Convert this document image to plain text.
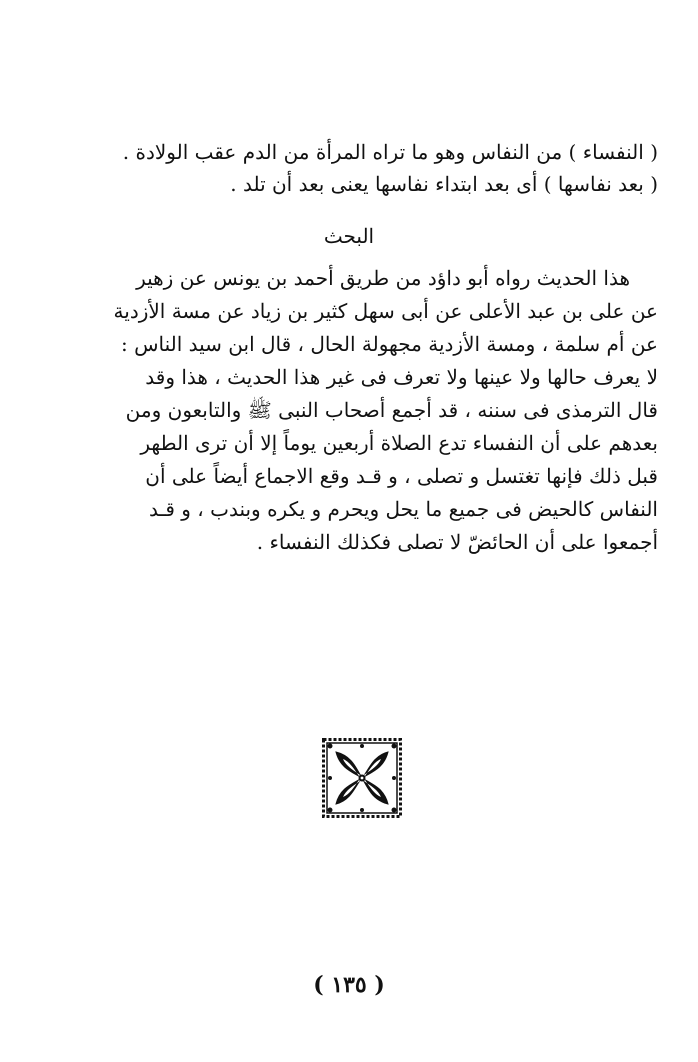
( النفساء ) من النفاس وهو ما تراه المرأة من الدم عقب الولادة .
( بعد نفاسها ) أى بعد ابتداء نفاسها يعنى بعد أن تلد .
البحث
هذا الحديث رواه أبو داؤد من طريق أحمد بن يونس عن زهير
عن على بن عبد الأعلى عن أبى سهل كثير بن زياد عن مسة الأزدية
عن أم سلمة ، ومسة الأزدية مجهولة الحال ، قال ابن سيد الناس :
لا يعرف حالها ولا عينها ولا تعرف فى غير هذا الحديث ، هذا وقد
قال الترمذى فى سننه ، قد أجمع أصحاب النبى ﷺ والتابعون ومن
بعدهم على أن النفساء تدع الصلاة أربعين يوماً إلا أن ترى الطهر
قبل ذلك فإنها تغتسل و تصلى ، و قـد وقع الاجماع أيضاً على أن
النفاس كالحيض فى جميع ما يحل ويحرم و يكره وبندب ، و قـد
أجمعوا على أن الحائضّ لا تصلى فكذلك النفساء .
( ١٣٥ )
